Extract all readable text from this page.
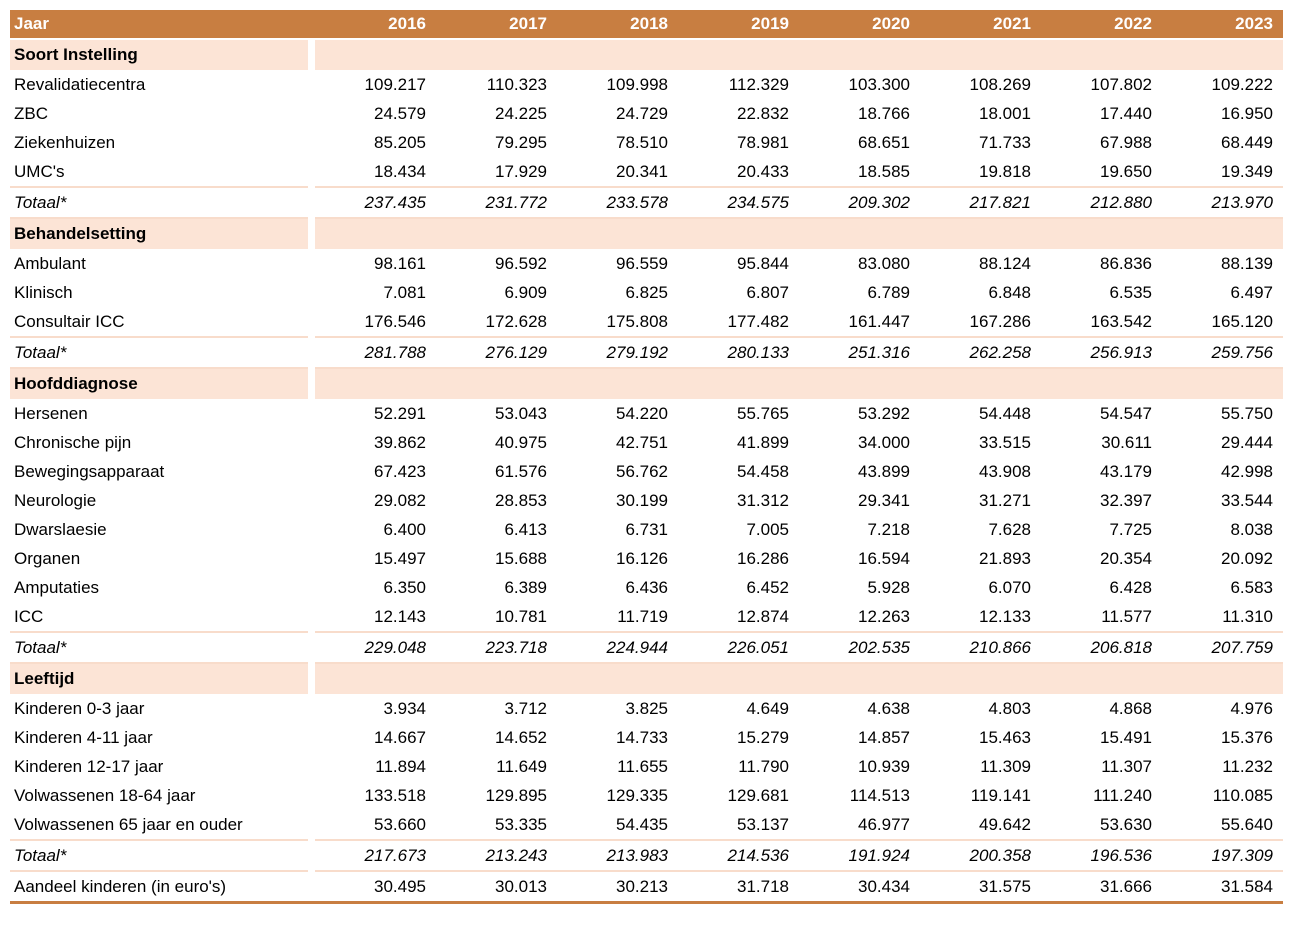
Jaar		2016	2017	2018	2019	2020	2021	2022	2023
Soort Instelling									
Revalidatiecentra		109.217	110.323	109.998	112.329	103.300	108.269	107.802	109.222
ZBC		24.579	24.225	24.729	22.832	18.766	18.001	17.440	16.950
Ziekenhuizen		85.205	79.295	78.510	78.981	68.651	71.733	67.988	68.449
UMC's		18.434	17.929	20.341	20.433	18.585	19.818	19.650	19.349
Totaal*		237.435	231.772	233.578	234.575	209.302	217.821	212.880	213.970
Behandelsetting									
Ambulant		98.161	96.592	96.559	95.844	83.080	88.124	86.836	88.139
Klinisch		7.081	6.909	6.825	6.807	6.789	6.848	6.535	6.497
Consultair ICC		176.546	172.628	175.808	177.482	161.447	167.286	163.542	165.120
Totaal*		281.788	276.129	279.192	280.133	251.316	262.258	256.913	259.756
Hoofddiagnose									
Hersenen		52.291	53.043	54.220	55.765	53.292	54.448	54.547	55.750
Chronische pijn		39.862	40.975	42.751	41.899	34.000	33.515	30.611	29.444
Bewegingsapparaat		67.423	61.576	56.762	54.458	43.899	43.908	43.179	42.998
Neurologie		29.082	28.853	30.199	31.312	29.341	31.271	32.397	33.544
Dwarslaesie		6.400	6.413	6.731	7.005	7.218	7.628	7.725	8.038
Organen		15.497	15.688	16.126	16.286	16.594	21.893	20.354	20.092
Amputaties		6.350	6.389	6.436	6.452	5.928	6.070	6.428	6.583
ICC		12.143	10.781	11.719	12.874	12.263	12.133	11.577	11.310
Totaal*		229.048	223.718	224.944	226.051	202.535	210.866	206.818	207.759
Leeftijd									
Kinderen 0-3 jaar		3.934	3.712	3.825	4.649	4.638	4.803	4.868	4.976
Kinderen 4-11 jaar		14.667	14.652	14.733	15.279	14.857	15.463	15.491	15.376
Kinderen 12-17 jaar		11.894	11.649	11.655	11.790	10.939	11.309	11.307	11.232
Volwassenen 18-64 jaar		133.518	129.895	129.335	129.681	114.513	119.141	111.240	110.085
Volwassenen 65 jaar en ouder		53.660	53.335	54.435	53.137	46.977	49.642	53.630	55.640
Totaal*		217.673	213.243	213.983	214.536	191.924	200.358	196.536	197.309
Aandeel kinderen (in euro's)		30.495	30.013	30.213	31.718	30.434	31.575	31.666	31.584
